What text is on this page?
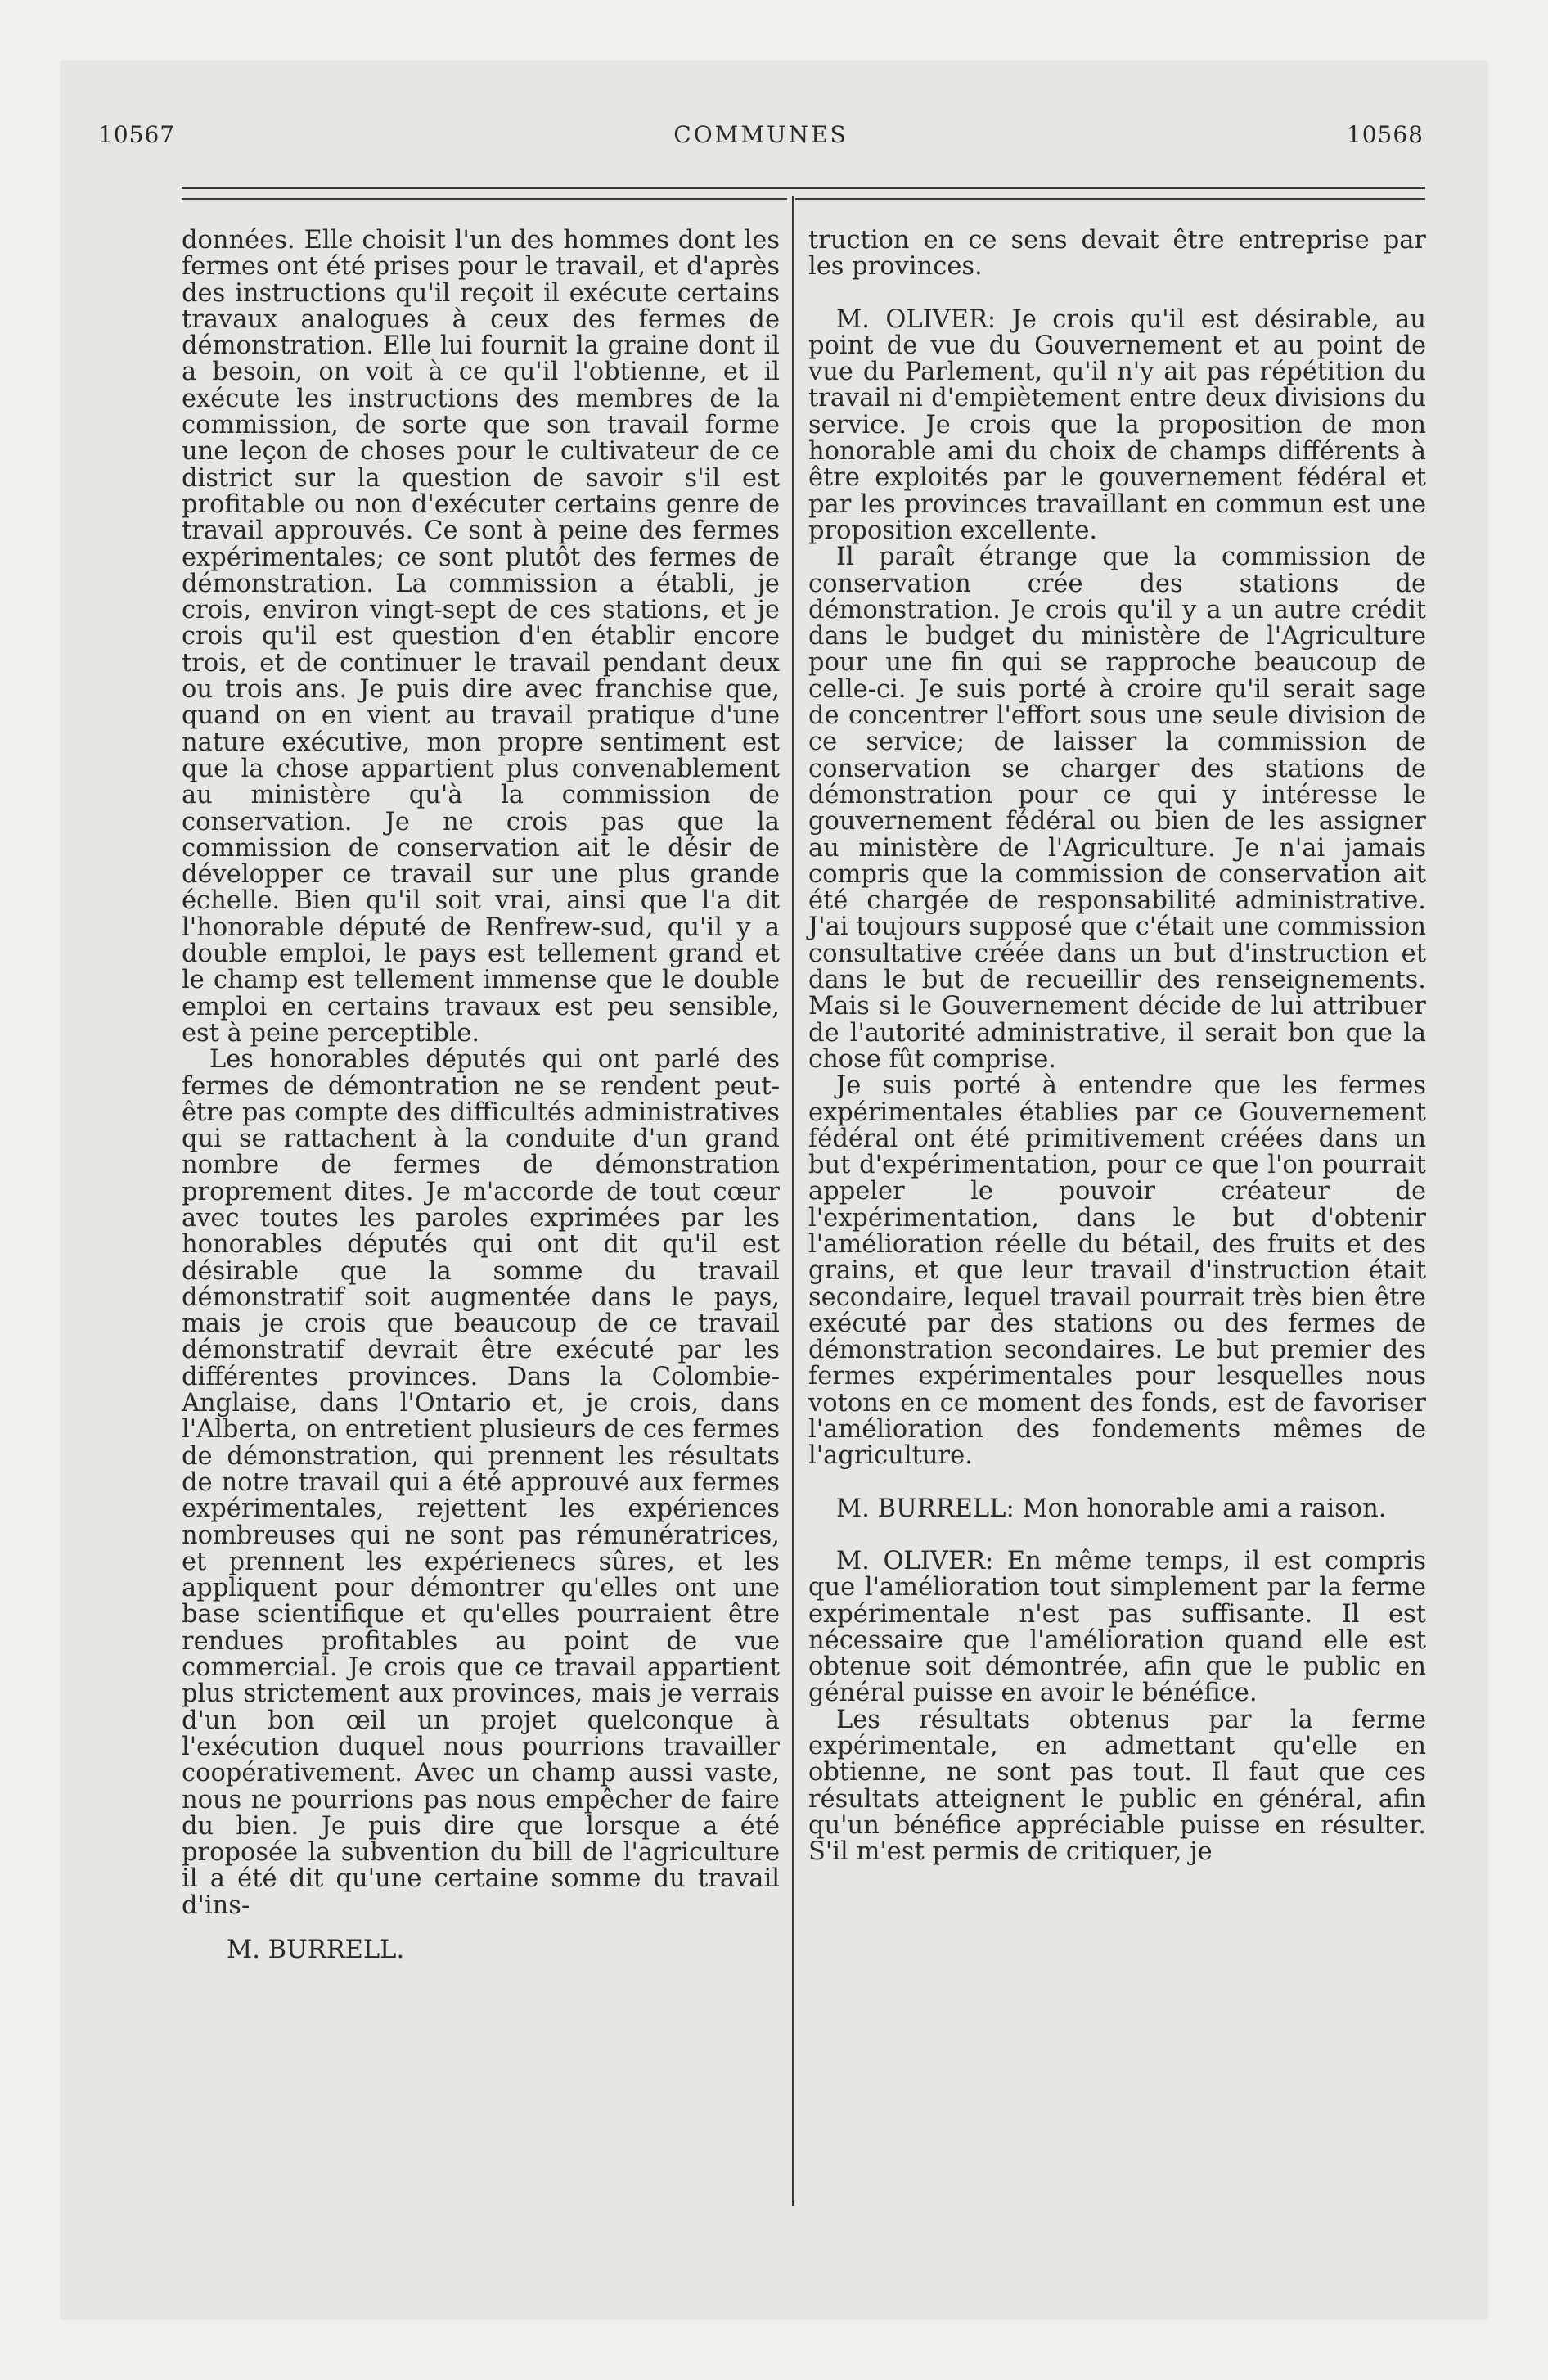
10567	COMMUNES	10568

données. Elle choisit l'un des hommes dont les fermes ont été prises pour le travail, et d'après des instructions qu'il reçoit il exécute certains travaux analogues à ceux des fermes de démonstration. Elle lui fournit la graine dont il a besoin, on voit à ce qu'il l'obtienne, et il exécute les instructions des membres de la commission, de sorte que son travail forme une leçon de choses pour le cultivateur de ce district sur la question de savoir s'il est profitable ou non d'exécuter certains genre de travail approuvés. Ce sont à peine des fermes expérimentales; ce sont plutôt des fermes de démonstration. La commission a établi, je crois, environ vingt-sept de ces stations, et je crois qu'il est question d'en établir encore trois, et de continuer le travail pendant deux ou trois ans. Je puis dire avec franchise que, quand on en vient au travail pratique d'une nature exécutive, mon propre sentiment est que la chose appartient plus convenablement au ministère qu'à la commission de conservation. Je ne crois pas que la commission de conservation ait le désir de développer ce travail sur une plus grande échelle. Bien qu'il soit vrai, ainsi que l'a dit l'honorable député de Renfrew-sud, qu'il y a double emploi, le pays est tellement grand et le champ est tellement immense que le double emploi en certains travaux est peu sensible, est à peine perceptible.

Les honorables députés qui ont parlé des fermes de démontration ne se rendent peut-être pas compte des difficultés administratives qui se rattachent à la conduite d'un grand nombre de fermes de démonstration proprement dites. Je m'accorde de tout cœur avec toutes les paroles exprimées par les honorables députés qui ont dit qu'il est désirable que la somme du travail démonstratif soit augmentée dans le pays, mais je crois que beaucoup de ce travail démonstratif devrait être exécuté par les différentes provinces. Dans la Colombie-Anglaise, dans l'Ontario et, je crois, dans l'Alberta, on entretient plusieurs de ces fermes de démonstration, qui prennent les résultats de notre travail qui a été approuvé aux fermes expérimentales, rejettent les expériences nombreuses qui ne sont pas rémunératrices, et prennent les expérienecs sûres, et les appliquent pour démontrer qu'elles ont une base scientifique et qu'elles pourraient être rendues profitables au point de vue commercial. Je crois que ce travail appartient plus strictement aux provinces, mais je verrais d'un bon œil un projet quelconque à l'exécution duquel nous pourrions travailler coopérativement. Avec un champ aussi vaste, nous ne pourrions pas nous empêcher de faire du bien. Je puis dire que lorsque a été proposée la subvention du bill de l'agriculture il a été dit qu'une certaine somme du travail d'ins-

M. BURRELL.

truction en ce sens devait être entreprise par les provinces.

M. OLIVER: Je crois qu'il est désirable, au point de vue du Gouvernement et au point de vue du Parlement, qu'il n'y ait pas répétition du travail ni d'empiètement entre deux divisions du service. Je crois que la proposition de mon honorable ami du choix de champs différents à être exploités par le gouvernement fédéral et par les provinces travaillant en commun est une proposition excellente.

Il paraît étrange que la commission de conservation crée des stations de démonstration. Je crois qu'il y a un autre crédit dans le budget du ministère de l'Agriculture pour une fin qui se rapproche beaucoup de celle-ci. Je suis porté à croire qu'il serait sage de concentrer l'effort sous une seule division de ce service; de laisser la commission de conservation se charger des stations de démonstration pour ce qui y intéresse le gouvernement fédéral ou bien de les assigner au ministère de l'Agriculture. Je n'ai jamais compris que la commission de conservation ait été chargée de responsabilité administrative. J'ai toujours supposé que c'était une commission consultative créée dans un but d'instruction et dans le but de recueillir des renseignements. Mais si le Gouvernement décide de lui attribuer de l'autorité administrative, il serait bon que la chose fût comprise.

Je suis porté à entendre que les fermes expérimentales établies par ce Gouvernement fédéral ont été primitivement créées dans un but d'expérimentation, pour ce que l'on pourrait appeler le pouvoir créateur de l'expérimentation, dans le but d'obtenir l'amélioration réelle du bétail, des fruits et des grains, et que leur travail d'instruction était secondaire, lequel travail pourrait très bien être exécuté par des stations ou des fermes de démonstration secondaires. Le but premier des fermes expérimentales pour lesquelles nous votons en ce moment des fonds, est de favoriser l'amélioration des fondements mêmes de l'agriculture.

M. BURRELL: Mon honorable ami a raison.

M. OLIVER: En même temps, il est compris que l'amélioration tout simplement par la ferme expérimentale n'est pas suffisante. Il est nécessaire que l'amélioration quand elle est obtenue soit démontrée, afin que le public en général puisse en avoir le bénéfice.

Les résultats obtenus par la ferme expérimentale, en admettant qu'elle en obtienne, ne sont pas tout. Il faut que ces résultats atteignent le public en général, afin qu'un bénéfice appréciable puisse en résulter. S'il m'est permis de critiquer, je
